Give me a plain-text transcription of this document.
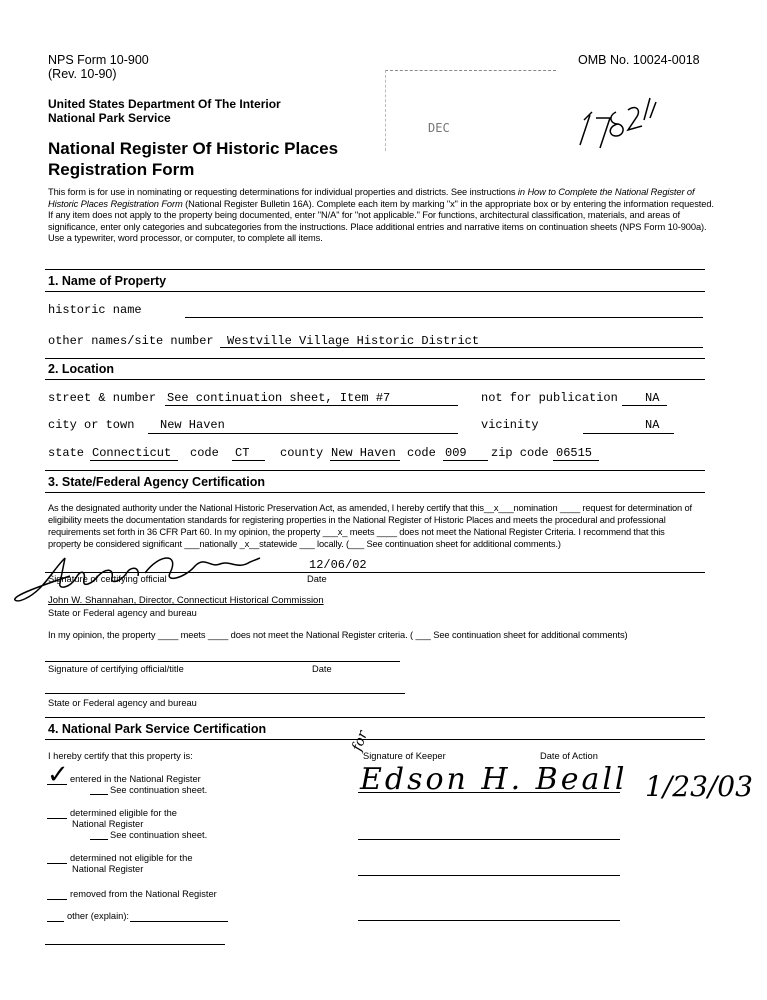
NPS Form 10-900
(Rev. 10-90)
OMB No. 10024-0018
United States Department Of The Interior
National Park Service
National Register Of Historic Places
Registration Form
DEC
This form is for use in nominating or requesting determinations for individual properties and districts. See instructions in How to Complete the National Register of Historic Places Registration Form (National Register Bulletin 16A). Complete each item by marking "x" in the appropriate box or by entering the information requested. If any item does not apply to the property being documented, enter "N/A" for "not applicable." For functions, architectural classification, materials, and areas of significance, enter only categories and subcategories from the instructions. Place additional entries and narrative items on continuation sheets (NPS Form 10-900a). Use a typewriter, word processor, or computer, to complete all items.
1. Name of Property
historic name
other names/site number Westville Village Historic District
2. Location
street & number See continuation sheet, Item #7	not for publication NA
city or town New Haven	vicinity	NA
state Connecticut code CT	county New Haven code 009 zip code 06515
3. State/Federal Agency Certification
As the designated authority under the National Historic Preservation Act, as amended, I hereby certify that this__x___nomination ____ request for determination of
eligibility meets the documentation standards for registering properties in the National Register of Historic Places and meets the procedural and professional
requirements set forth in 36 CFR Part 60. In my opinion, the property ___x_ meets ____ does not meet the National Register Criteria. I recommend that this
property be considered significant ___nationally _x__statewide ___ locally. (___ See continuation sheet for additional comments.)
12/06/02
Signature of certifying official	Date
John W. Shannahan, Director, Connecticut Historical Commission
State or Federal agency and bureau
In my opinion, the property ____ meets ____ does not meet the National Register criteria. ( ___ See continuation sheet for additional comments)
Signature of certifying official/title	Date
State or Federal agency and bureau
4. National Park Service Certification
I hereby certify that this property is:	Signature of Keeper	Date of Action
for
Edson H. Beall 1/23/03
✓ entered in the National Register
See continuation sheet.
determined eligible for the
National Register
See continuation sheet.
determined not eligible for the
National Register
removed from the National Register
other (explain):
